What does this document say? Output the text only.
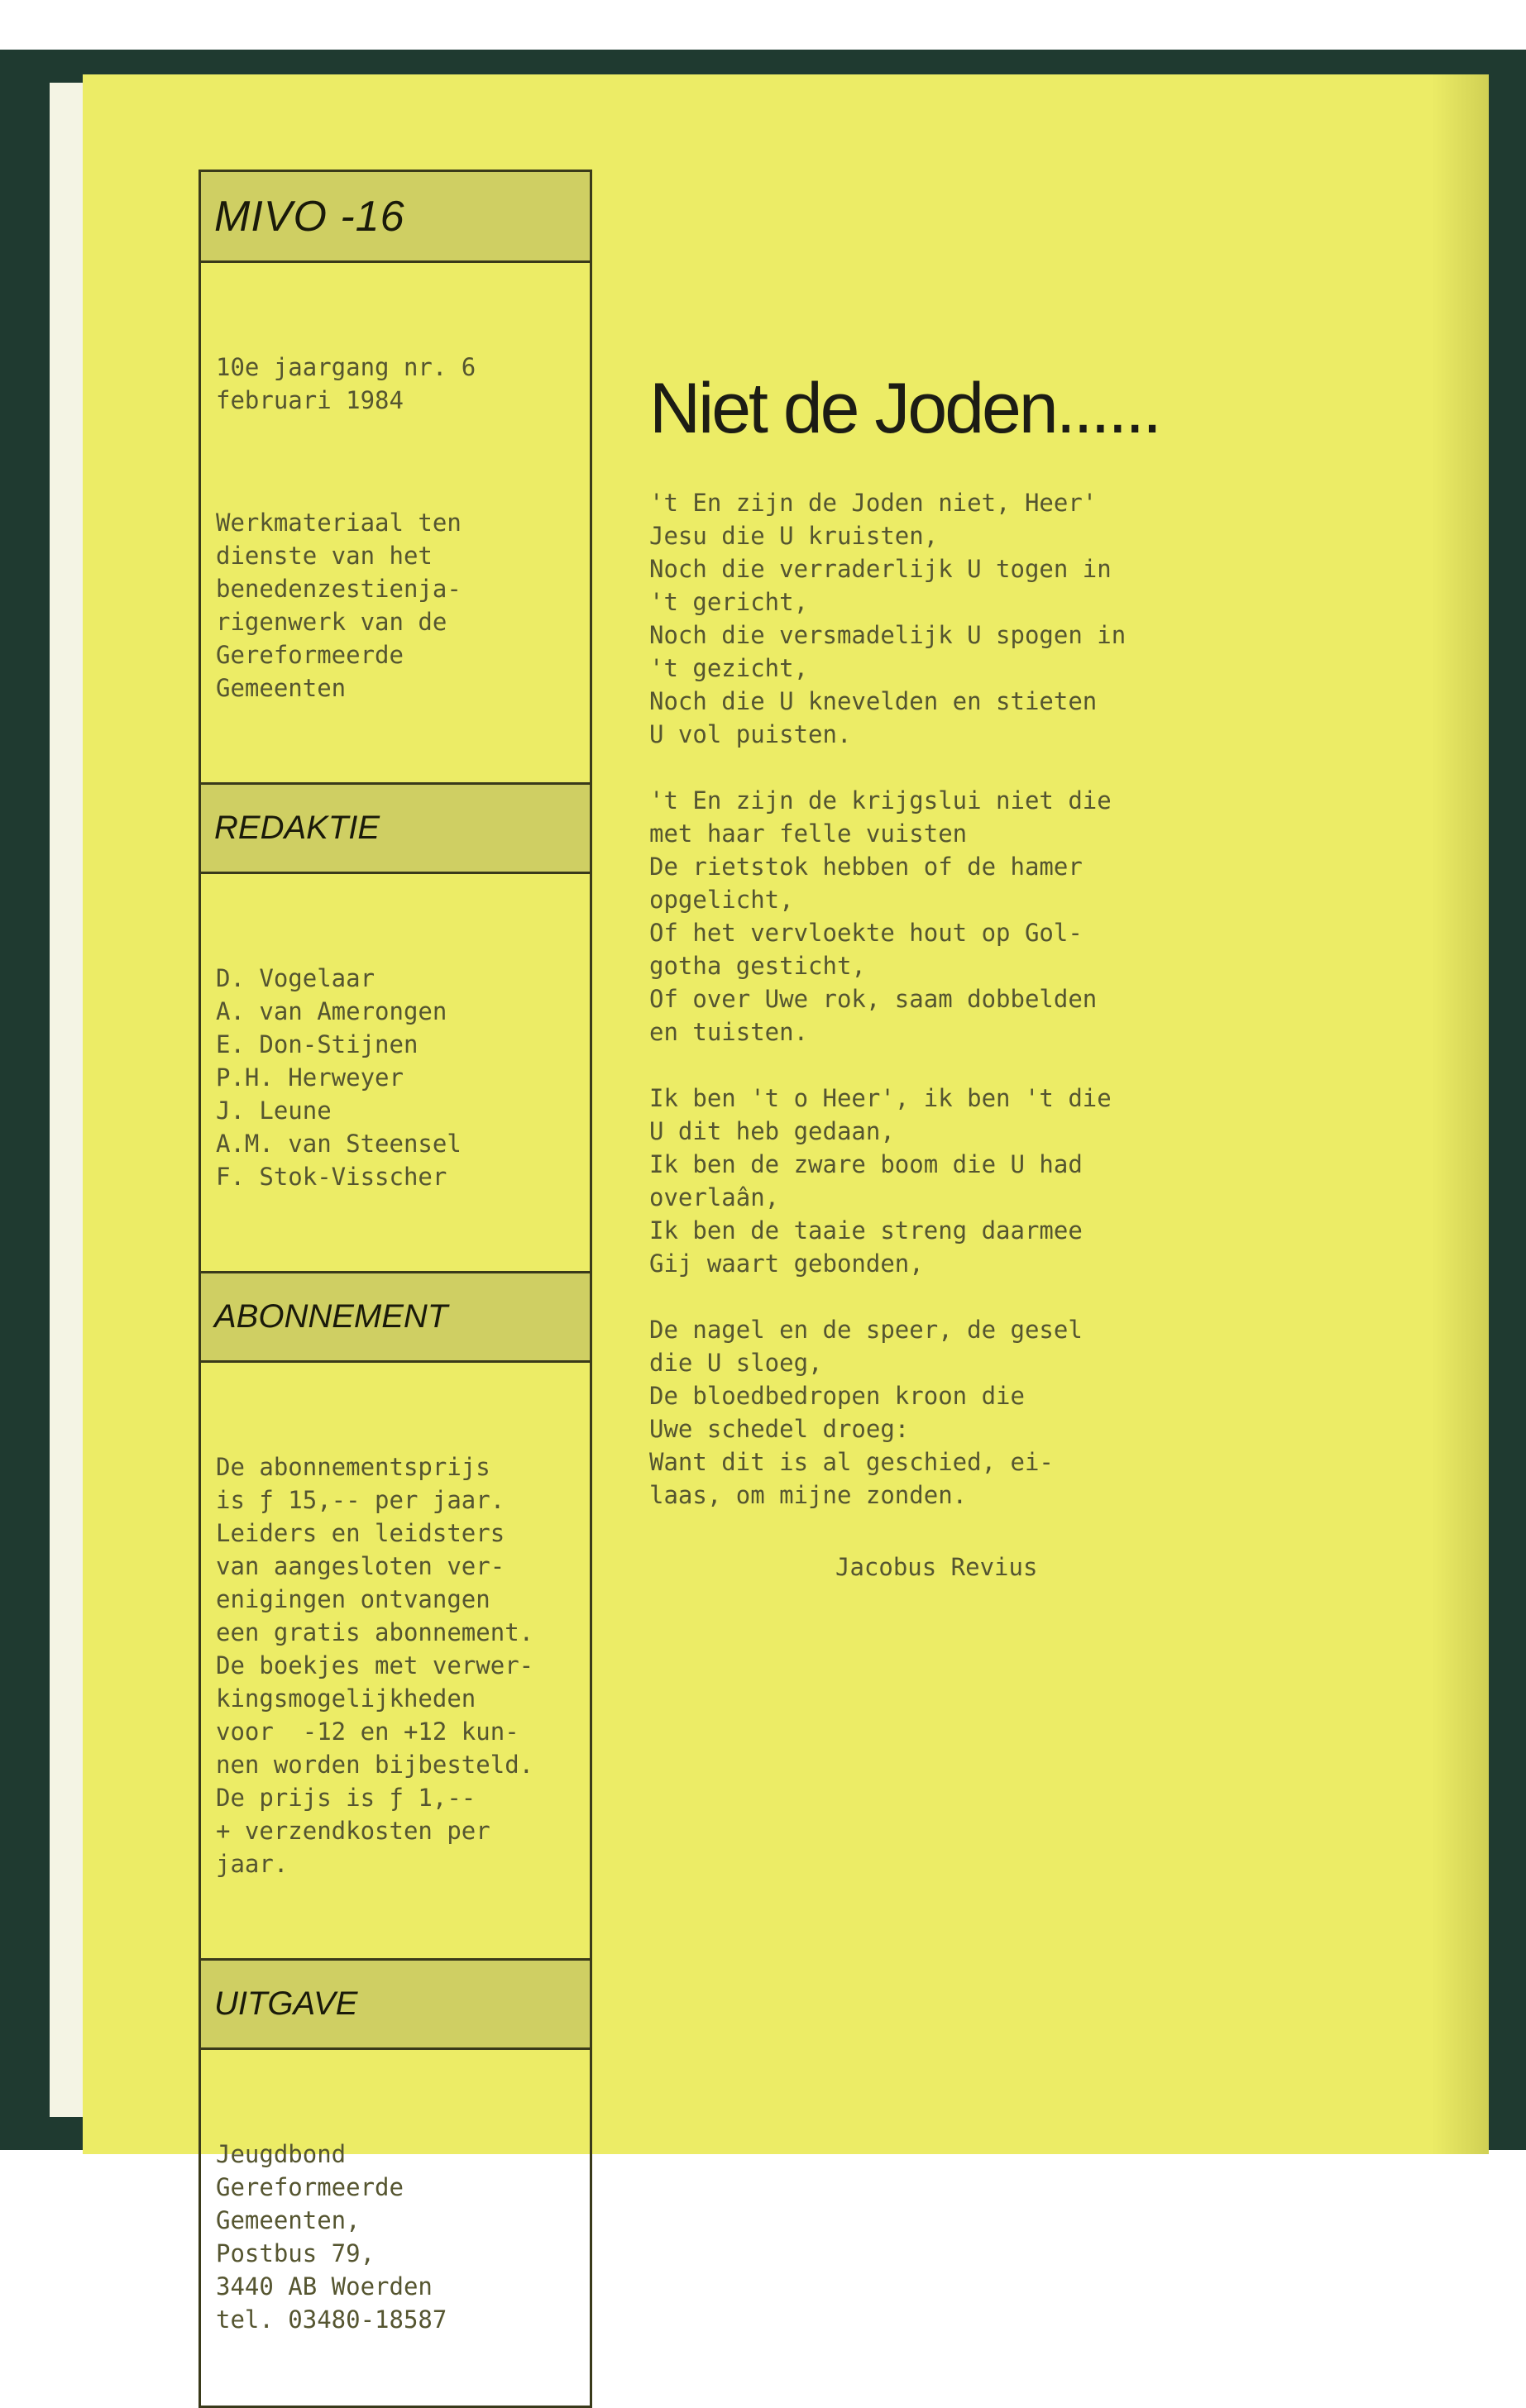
MIVO -16

10e jaargang nr. 6
februari 1984

Werkmateriaal ten
dienste van het
benedenzestienja-
rigenwerk van de
Gereformeerde
Gemeenten

REDAKTIE

D. Vogelaar
A. van Amerongen
E. Don-Stijnen
P.H. Herweyer
J. Leune
A.M. van Steensel
F. Stok-Visscher

ABONNEMENT

De abonnementsprijs
is ƒ 15,-- per jaar.
Leiders en leidsters
van aangesloten ver-
enigingen ontvangen
een gratis abonnement.
De boekjes met verwer-
kingsmogelijkheden
voor  -12 en +12 kun-
nen worden bijbesteld.
De prijs is ƒ 1,--
+ verzendkosten per
jaar.

UITGAVE

Jeugdbond
Gereformeerde
Gemeenten,
Postbus 79,
3440 AB Woerden
tel. 03480-18587

Niet de Joden......
't En zijn de Joden niet, Heer'
Jesu die U kruisten,
Noch die verraderlijk U togen in
't gericht,
Noch die versmadelijk U spogen in
't gezicht,
Noch die U knevelden en stieten
U vol puisten.
't En zijn de krijgslui niet die
met haar felle vuisten
De rietstok hebben of de hamer
opgelicht,
Of het vervloekte hout op Gol-
gotha gesticht,
Of over Uwe rok, saam dobbelden
en tuisten.
Ik ben 't o Heer', ik ben 't die
U dit heb gedaan,
Ik ben de zware boom die U had
overlaân,
Ik ben de taaie streng daarmee
Gij waart gebonden,
De nagel en de speer, de gesel
die U sloeg,
De bloedbedropen kroon die
Uwe schedel droeg:
Want dit is al geschied, ei-
laas, om mijne zonden.
Jacobus Revius
